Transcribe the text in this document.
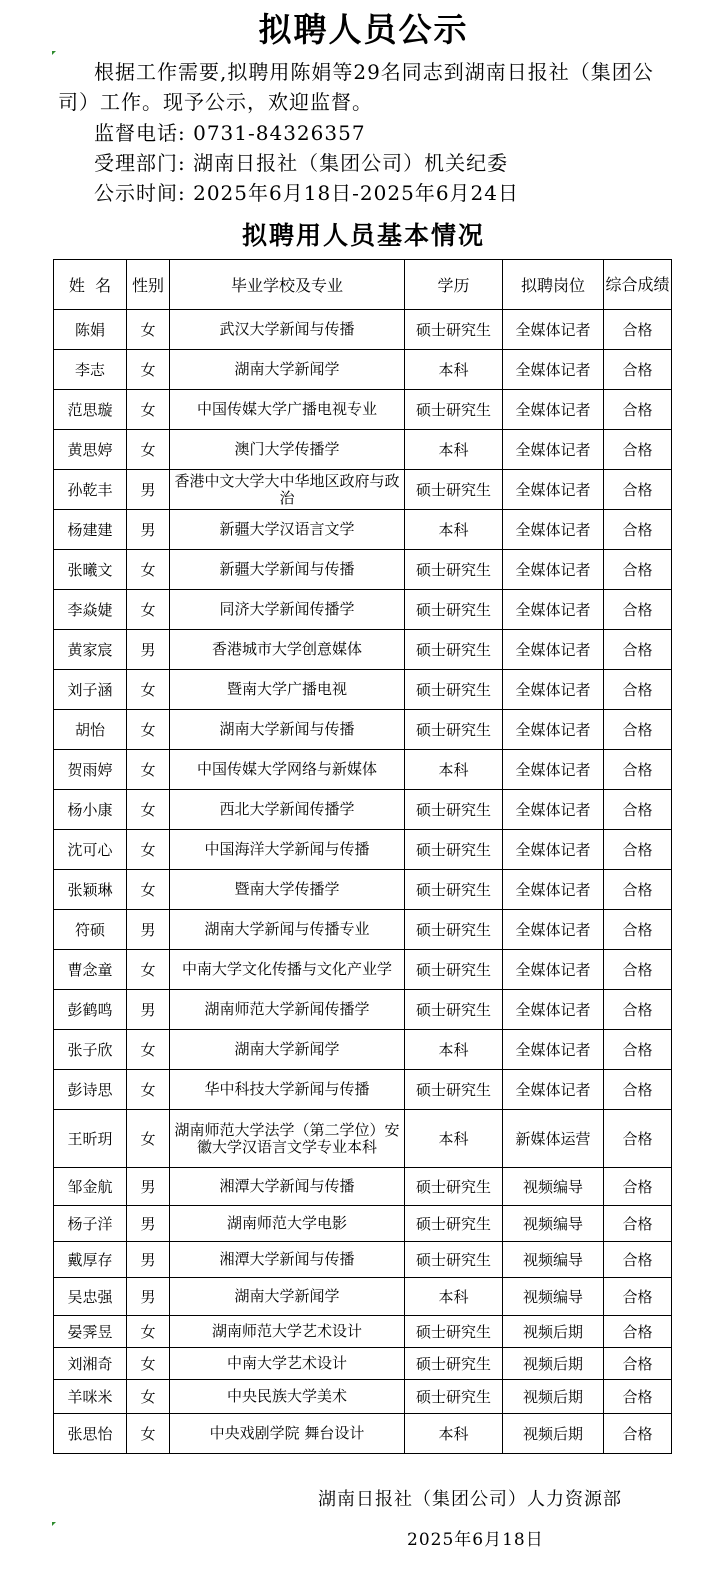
拟聘人员公示
根据工作需要,拟聘用陈娟等29名同志到湖南日报社（集团公司）工作。现予公示，欢迎监督。
监督电话: 0731-84326357
受理部门: 湖南日报社（集团公司）机关纪委
公示时间: 2025年6月18日-2025年6月24日
拟聘用人员基本情况
姓  名	性别	毕业学校及专业	学历	拟聘岗位	综合成绩
陈娟	女	武汉大学新闻与传播	硕士研究生	全媒体记者	合格
李志	女	湖南大学新闻学	本科	全媒体记者	合格
范思璇	女	中国传媒大学广播电视专业	硕士研究生	全媒体记者	合格
黄思婷	女	澳门大学传播学	本科	全媒体记者	合格
孙乾丰	男	香港中文大学大中华地区政府与政治	硕士研究生	全媒体记者	合格
杨建建	男	新疆大学汉语言文学	本科	全媒体记者	合格
张曦文	女	新疆大学新闻与传播	硕士研究生	全媒体记者	合格
李焱婕	女	同济大学新闻传播学	硕士研究生	全媒体记者	合格
黄家宸	男	香港城市大学创意媒体	硕士研究生	全媒体记者	合格
刘子涵	女	暨南大学广播电视	硕士研究生	全媒体记者	合格
胡怡	女	湖南大学新闻与传播	硕士研究生	全媒体记者	合格
贺雨婷	女	中国传媒大学网络与新媒体	本科	全媒体记者	合格
杨小康	女	西北大学新闻传播学	硕士研究生	全媒体记者	合格
沈可心	女	中国海洋大学新闻与传播	硕士研究生	全媒体记者	合格
张颖琳	女	暨南大学传播学	硕士研究生	全媒体记者	合格
符硕	男	湖南大学新闻与传播专业	硕士研究生	全媒体记者	合格
曹念童	女	中南大学文化传播与文化产业学	硕士研究生	全媒体记者	合格
彭鹤鸣	男	湖南师范大学新闻传播学	硕士研究生	全媒体记者	合格
张子欣	女	湖南大学新闻学	本科	全媒体记者	合格
彭诗思	女	华中科技大学新闻与传播	硕士研究生	全媒体记者	合格
王昕玥	女	湖南师范大学法学（第二学位）安徽大学汉语言文学专业本科	本科	新媒体运营	合格
邹金航	男	湘潭大学新闻与传播	硕士研究生	视频编导	合格
杨子洋	男	湖南师范大学电影	硕士研究生	视频编导	合格
戴厚存	男	湘潭大学新闻与传播	硕士研究生	视频编导	合格
吴忠强	男	湖南大学新闻学	本科	视频编导	合格
晏霁昱	女	湖南师范大学艺术设计	硕士研究生	视频后期	合格
刘湘奇	女	中南大学艺术设计	硕士研究生	视频后期	合格
羊咪米	女	中央民族大学美术	硕士研究生	视频后期	合格
张思怡	女	中央戏剧学院 舞台设计	本科	视频后期	合格
湖南日报社（集团公司）人力资源部
2025年6月18日
